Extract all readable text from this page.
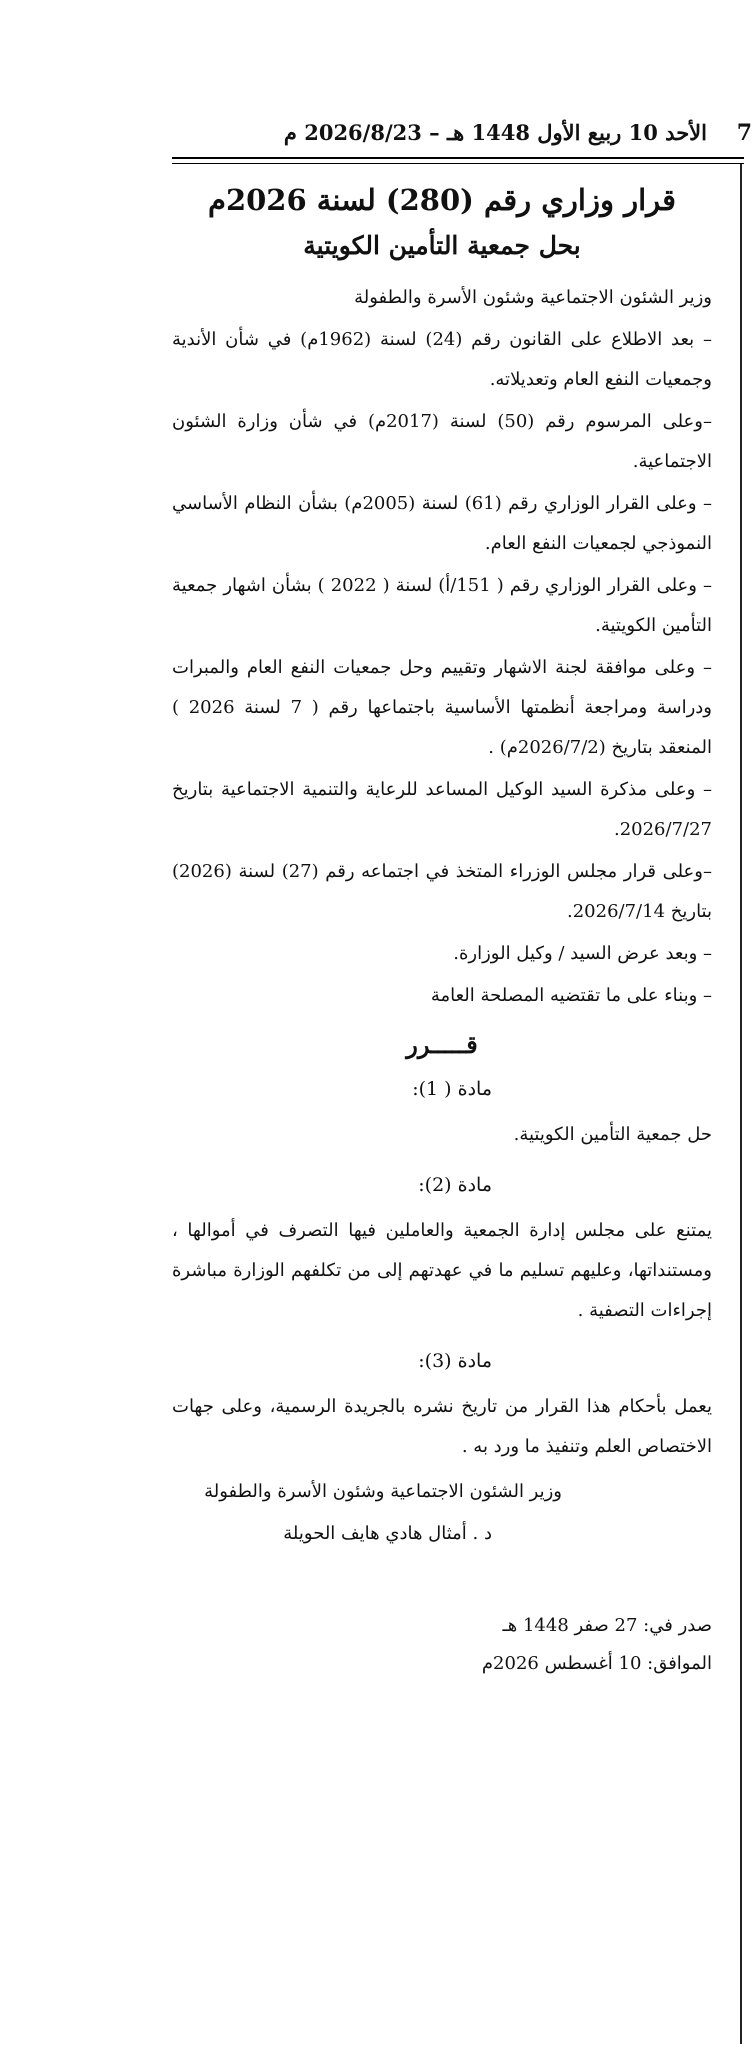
الأحد 10 ربيع الأول 1448 هـ – 2026/8/23 م 7
قرار وزاري رقم (280) لسنة 2026م
بحل جمعية التأمين الكويتية

وزير الشئون الاجتماعية وشئون الأسرة والطفولة

– بعد الاطلاع على القانون رقم (24) لسنة (1962م) في شأن الأندية وجمعيات النفع العام وتعديلاته.

–وعلى المرسوم رقم (50) لسنة (2017م) في شأن وزارة الشئون الاجتماعية.

– وعلى القرار الوزاري رقم (61) لسنة (2005م) بشأن النظام الأساسي النموذجي لجمعيات النفع العام.

– وعلى القرار الوزاري رقم ( 151/أ) لسنة ( 2022 ) بشأن اشهار جمعية التأمين الكويتية.

– وعلى موافقة لجنة الاشهار وتقييم وحل جمعيات النفع العام والمبرات ودراسة ومراجعة أنظمتها الأساسية باجتماعها رقم ( 7 لسنة 2026 ) المنعقد بتاريخ (2026/7/2م) .

– وعلى مذكرة السيد الوكيل المساعد للرعاية والتنمية الاجتماعية بتاريخ 2026/7/27.

–وعلى قرار مجلس الوزراء المتخذ في اجتماعه رقم (27) لسنة (2026) بتاريخ 2026/7/14.

– وبعد عرض السيد / وكيل الوزارة.

– وبناء على ما تقتضيه المصلحة العامة

قـــــرر
مادة ( 1):

حل جمعية التأمين الكويتية.

مادة (2):

يمتنع على مجلس إدارة الجمعية والعاملين فيها التصرف في أموالها ، ومستنداتها، وعليهم تسليم ما في عهدتهم إلى من تكلفهم الوزارة مباشرة إجراءات التصفية .

مادة (3):

يعمل بأحكام هذا القرار من تاريخ نشره بالجريدة الرسمية، وعلى جهات الاختصاص العلم وتنفيذ ما ورد به .

وزير الشئون الاجتماعية وشئون الأسرة والطفولة

د . أمثال هادي هايف الحويلة

صدر في: 27 صفر 1448 هـ

الموافق: 10 أغسطس 2026م
